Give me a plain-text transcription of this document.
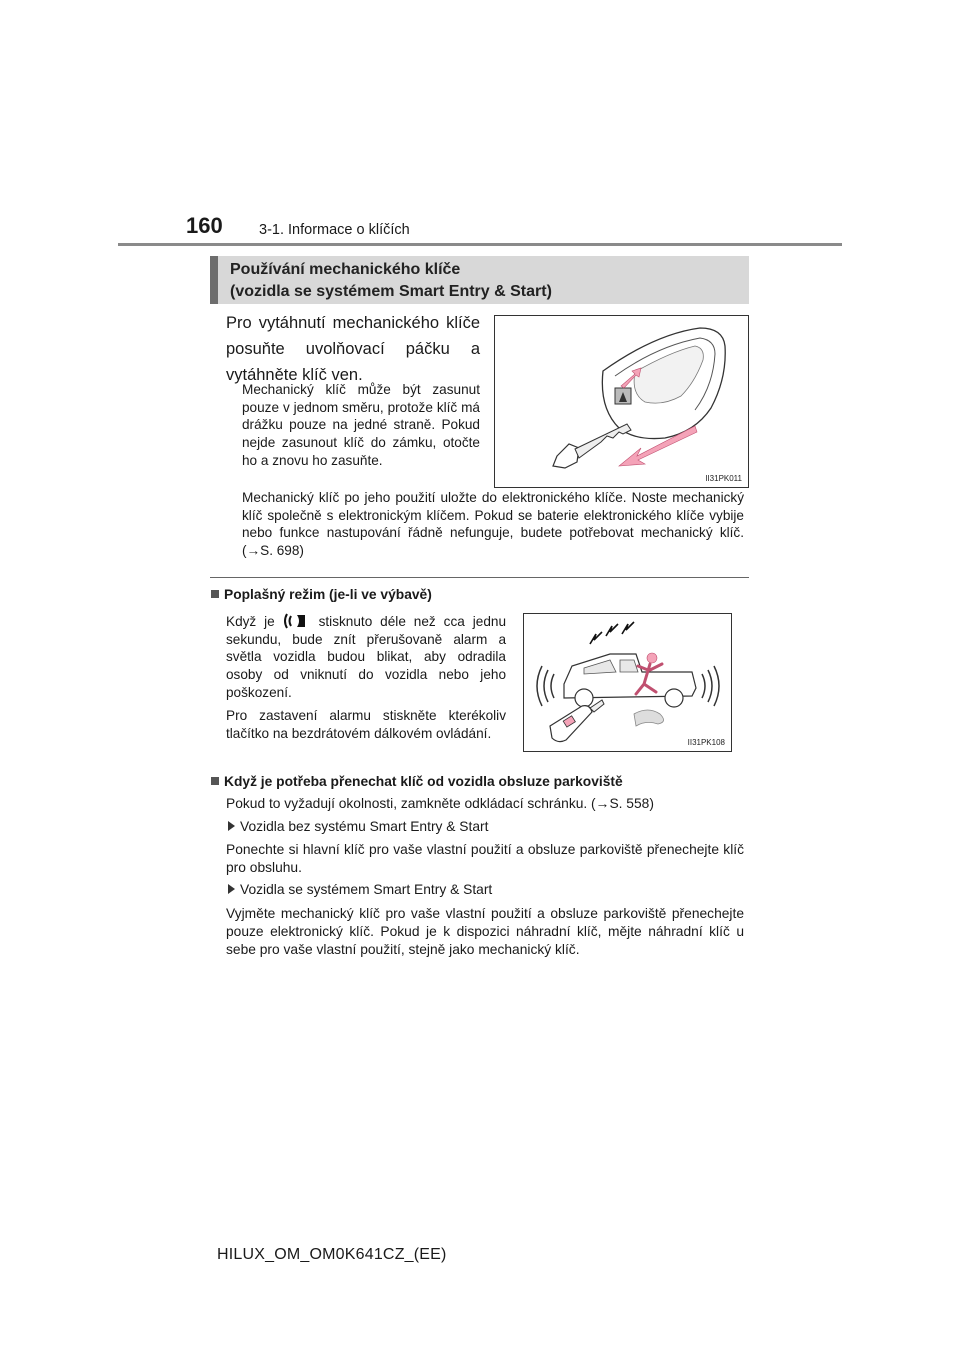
160	3-1. Informace o klíčích
Používání mechanického klíče
(vozidla se systémem Smart Entry & Start)
Pro vytáhnutí mechanického klíče posuňte uvolňovací páčku a vytáhněte klíč ven.
Mechanický klíč může být zasunut pouze v jednom směru, protože klíč má drážku pouze na jedné straně. Pokud nejde zasunout klíč do zámku, otočte ho a znovu ho zasuňte.
Mechanický klíč po jeho použití uložte do elektronického klíče. Noste mechanický klíč společně s elektronickým klíčem. Pokud se baterie elektronického klíče vybije nebo funkce nastupování řádně nefunguje, budete potřebovat mechanický klíč. (→S. 698)
II31PK011
Poplašný režim (je-li ve výbavě)
Když je	stisknuto déle než cca jednu sekundu, bude znít přerušovaně alarm a světla vozidla budou blikat, aby odradila osoby od vniknutí do vozidla nebo jeho poškození.
Pro zastavení alarmu stiskněte kterékoliv tlačítko na bezdrátovém dálkovém ovládání.
II31PK108
Když je potřeba přenechat klíč od vozidla obsluze parkoviště
Pokud to vyžadují okolnosti, zamkněte odkládací schránku. (→S. 558)
Vozidla bez systému Smart Entry & Start
Ponechte si hlavní klíč pro vaše vlastní použití a obsluze parkoviště přenechejte klíč pro obsluhu.
Vozidla se systémem Smart Entry & Start
Vyjměte mechanický klíč pro vaše vlastní použití a obsluze parkoviště přenechejte pouze elektronický klíč. Pokud je k dispozici náhradní klíč, mějte náhradní klíč u sebe pro vaše vlastní použití, stejně jako mechanický klíč.
HILUX_OM_OM0K641CZ_(EE)
